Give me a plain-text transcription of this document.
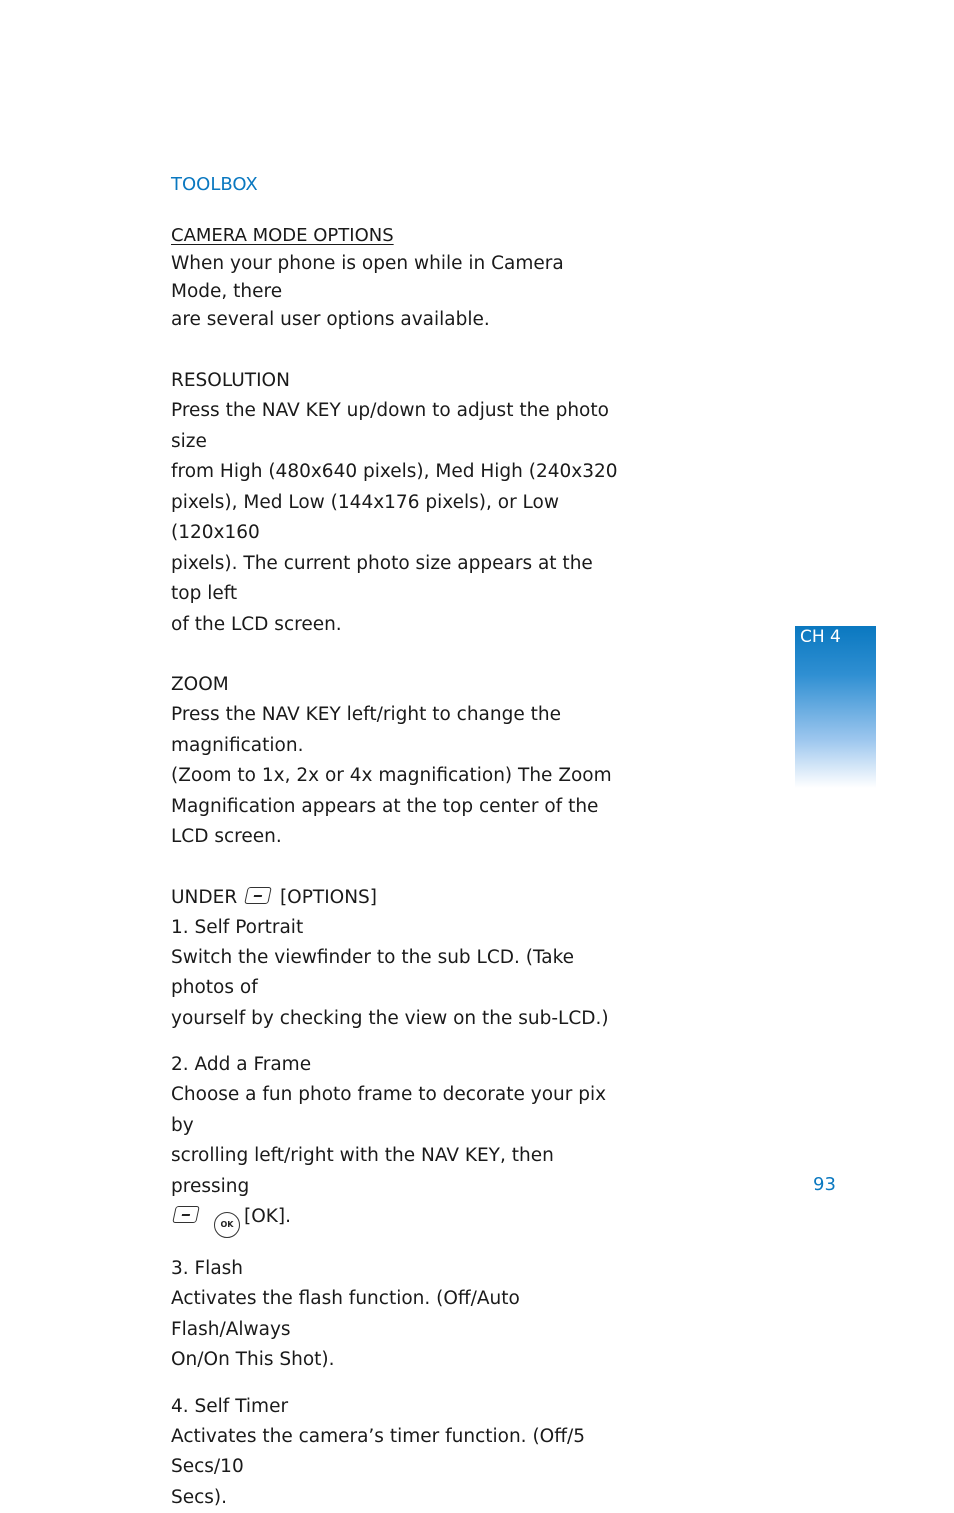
TOOLBOX
CAMERA MODE OPTIONS
When your phone is open while in Camera Mode, there
are several user options available.
RESOLUTION
Press the NAV KEY up/down to adjust the photo size
from High (480x640 pixels), Med High (240x320
pixels), Med Low (144x176 pixels), or Low (120x160
pixels). The current photo size appears at the top left
of the LCD screen.
ZOOM
Press the NAV KEY left/right to change the magnification.
(Zoom to 1x, 2x or 4x magnification) The Zoom
Magnification appears at the top center of the LCD screen.
UNDER [OPTIONS]
1. Self Portrait
Switch the viewfinder to the sub LCD. (Take photos of
yourself by checking the view on the sub-LCD.)
2. Add a Frame
Choose a fun photo frame to decorate your pix by
scrolling left/right with the NAV KEY, then pressing
OK [OK].
3. Flash
Activates the flash function. (Off/Auto Flash/Always
On/On This Shot).
4. Self Timer
Activates the camera’s timer function. (Off/5 Secs/10
Secs).
CH 4
93
